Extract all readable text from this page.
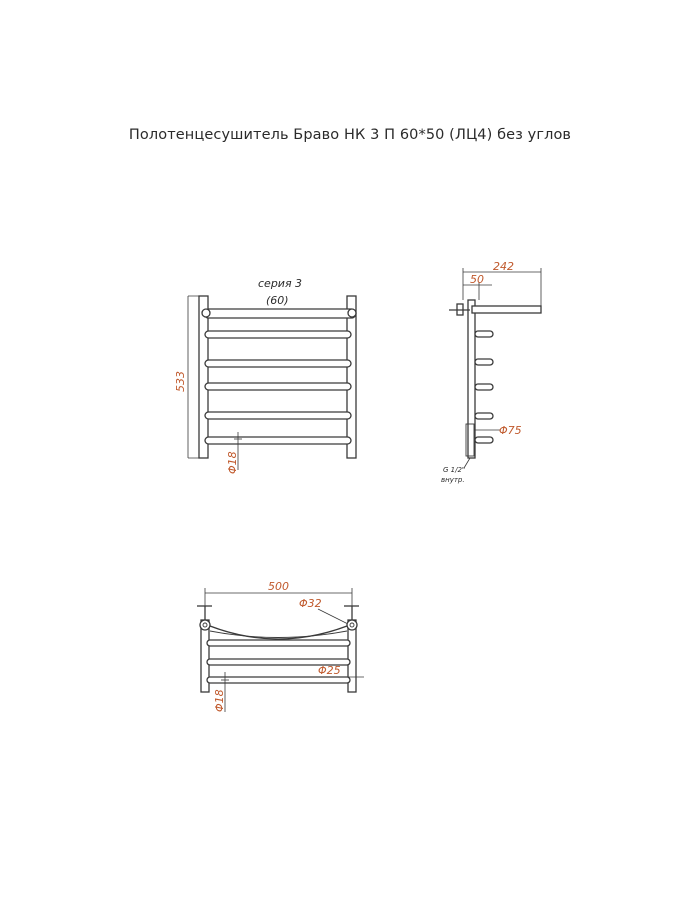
Полотенцесушитель Браво НК 3 П 60*50 (ЛЦ4) без углов
533
серия 3
(60)
Φ18
242
50
Φ75
G 1/2"
внутр.
500
Φ32
Φ25
Φ18
